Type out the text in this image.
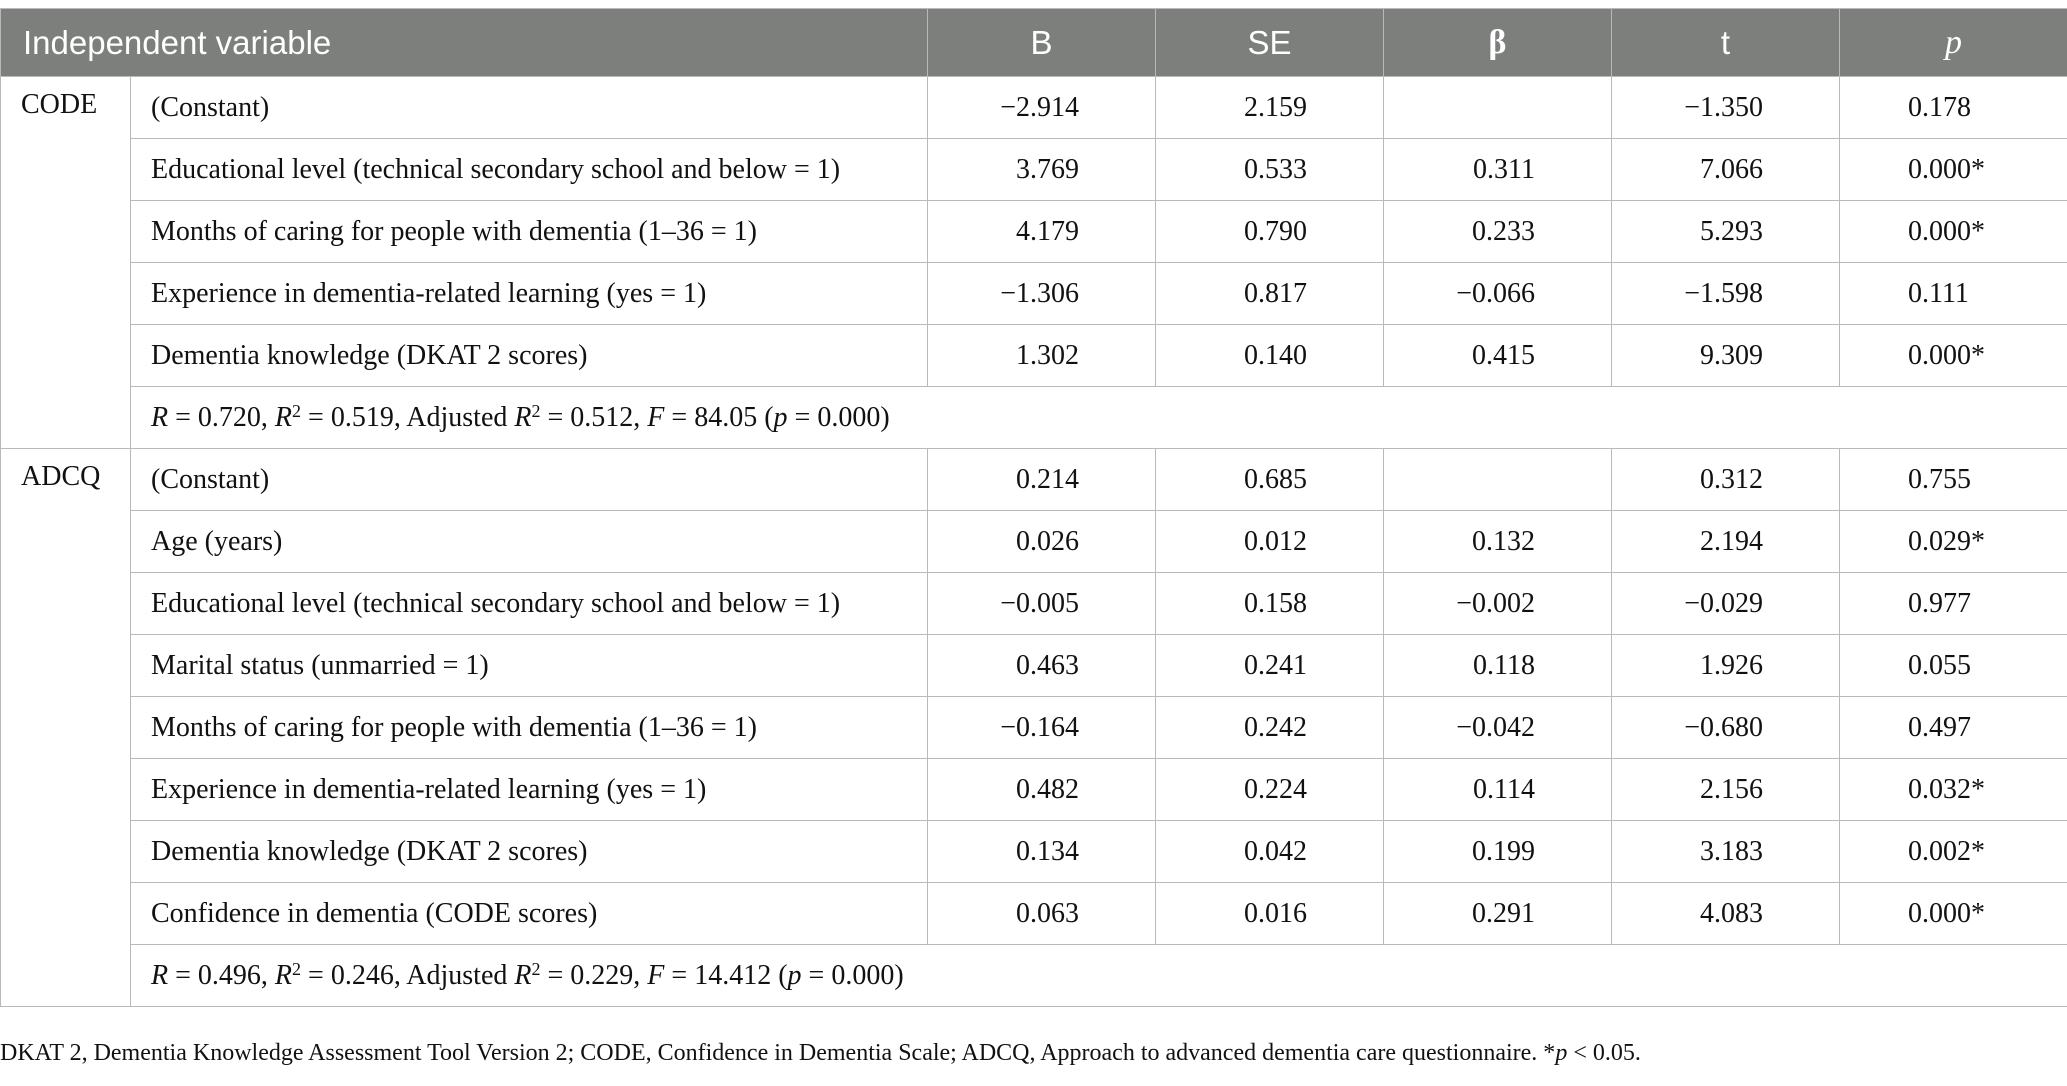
Independent variable		B	SE	β	t	p
CODE	(Constant)	−2.914	2.159		−1.350	0.178
	Educational level (technical secondary school and below = 1)	3.769	0.533	0.311	7.066	0.000*
	Months of caring for people with dementia (1–36 = 1)	4.179	0.790	0.233	5.293	0.000*
	Experience in dementia-related learning (yes = 1)	−1.306	0.817	−0.066	−1.598	0.111
	Dementia knowledge (DKAT 2 scores)	1.302	0.140	0.415	9.309	0.000*
	R = 0.720, $R^2 = 0.519$, Adjusted $R^2 = 0.512$, F = 84.05 (p = 0.000)					
ADCQ	(Constant)	0.214	0.685		0.312	0.755
	Age (years)	0.026	0.012	0.132	2.194	0.029*
	Educational level (technical secondary school and below = 1)	−0.005	0.158	−0.002	−0.029	0.977
	Marital status (unmarried = 1)	0.463	0.241	0.118	1.926	0.055
	Months of caring for people with dementia (1–36 = 1)	−0.164	0.242	−0.042	−0.680	0.497
	Experience in dementia-related learning (yes = 1)	0.482	0.224	0.114	2.156	0.032*
	Dementia knowledge (DKAT 2 scores)	0.134	0.042	0.199	3.183	0.002*
	Confidence in dementia (CODE scores)	0.063	0.016	0.291	4.083	0.000*
	R = 0.496, $R^2 = 0.246$, Adjusted $R^2 = 0.229$, F = 14.412 (p = 0.000)					
DKAT 2, Dementia Knowledge Assessment Tool Version 2; CODE, Confidence in Dementia Scale; ADCQ, Approach to advanced dementia care questionnaire. *p < 0.05.
